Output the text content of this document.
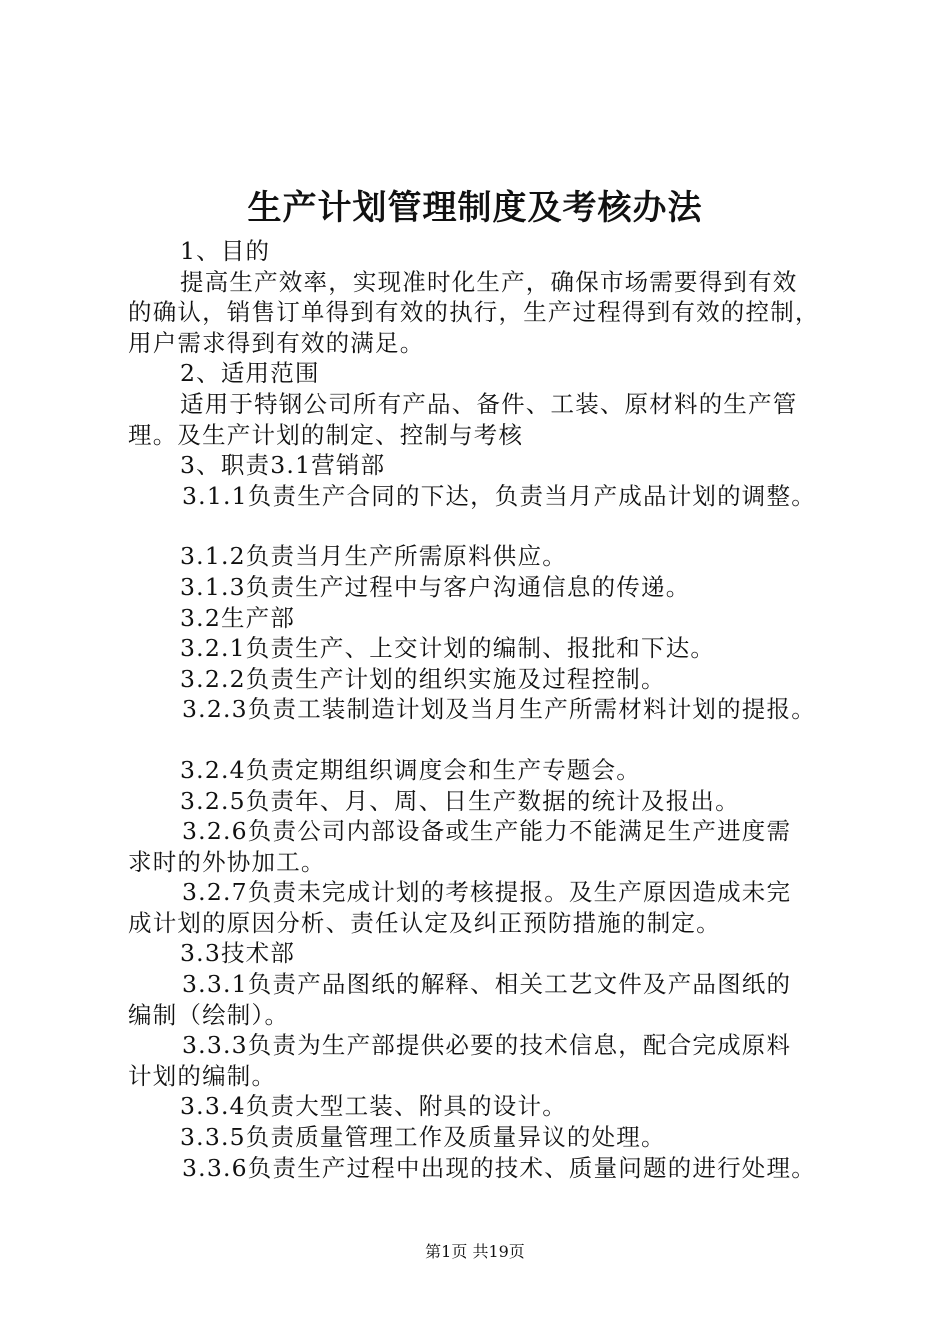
生产计划管理制度及考核办法

1、目的

提高生产效率，实现准时化生产，确保市场需要得到有效

的确认，销售订单得到有效的执行，生产过程得到有效的控制，

用户需求得到有效的满足。

2、适用范围

适用于特钢公司所有产品、备件、工装、原材料的生产管

理。及生产计划的制定、控制与考核

3、职责3.1营销部

3.1.1负责生产合同的下达，负责当月产成品计划的调整。

3.1.2负责当月生产所需原料供应。

3.1.3负责生产过程中与客户沟通信息的传递。

3.2生产部

3.2.1负责生产、上交计划的编制、报批和下达。

3.2.2负责生产计划的组织实施及过程控制。

3.2.3负责工装制造计划及当月生产所需材料计划的提报。

3.2.4负责定期组织调度会和生产专题会。

3.2.5负责年、月、周、日生产数据的统计及报出。

3.2.6负责公司内部设备或生产能力不能满足生产进度需

求时的外协加工。

3.2.7负责未完成计划的考核提报。及生产原因造成未完

成计划的原因分析、责任认定及纠正预防措施的制定。

3.3技术部

3.3.1负责产品图纸的解释、相关工艺文件及产品图纸的

编制（绘制）。

3.3.3负责为生产部提供必要的技术信息，配合完成原料

计划的编制。

3.3.4负责大型工装、附具的设计。

3.3.5负责质量管理工作及质量异议的处理。

3.3.6负责生产过程中出现的技术、质量问题的进行处理。

第1页 共19页
